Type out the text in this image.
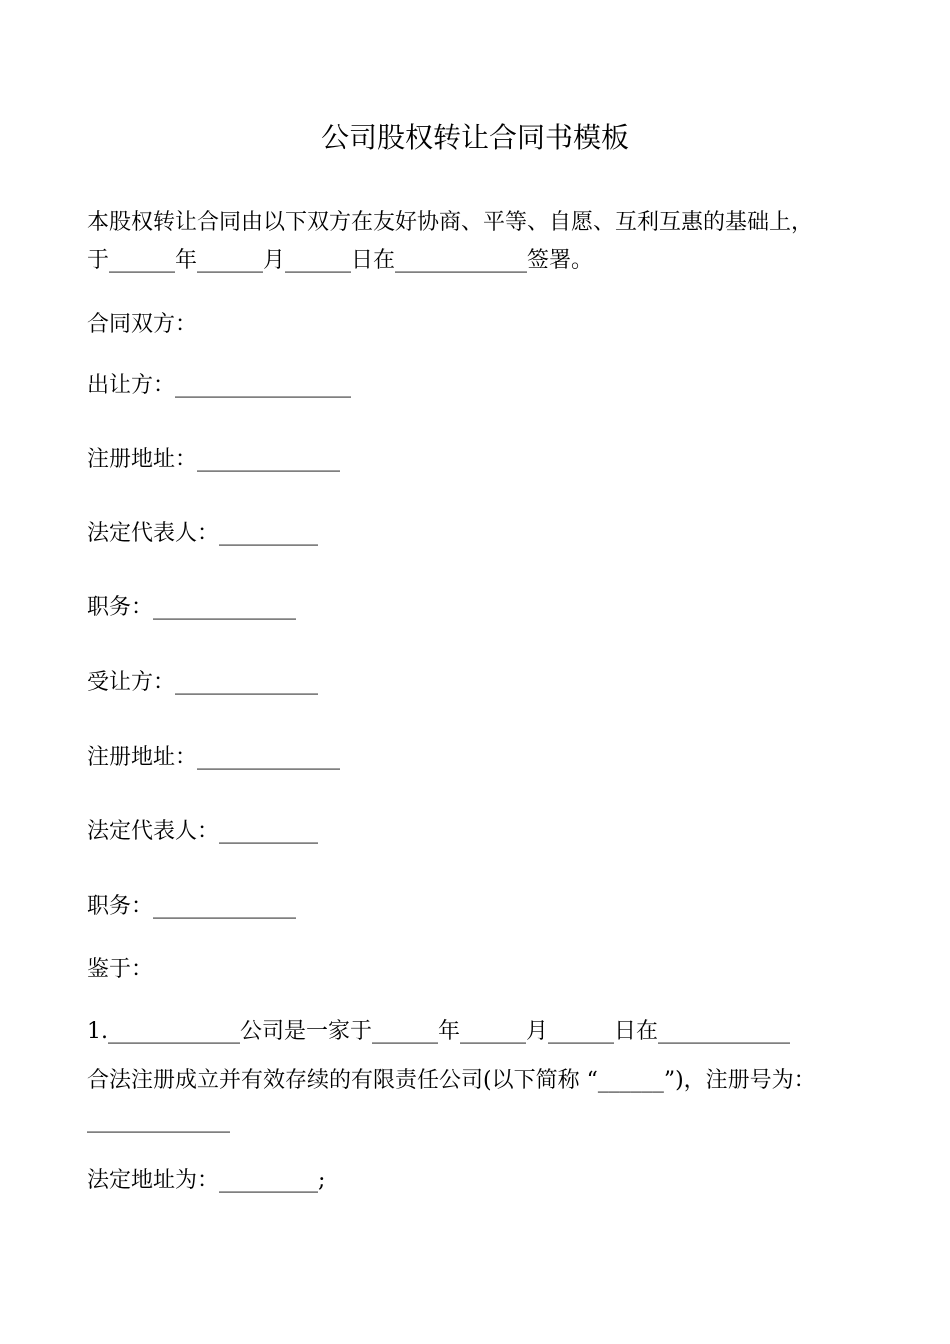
公司股权转让合同书模板

本股权转让合同由以下双方在友好协商、平等、自愿、互利互惠的基础上，

于______年______月______日在____________签署。

合同双方：

出让方：________________

注册地址：_____________

法定代表人：_________

职务：_____________

受让方：_____________

注册地址：_____________

法定代表人：_________

职务：_____________

鉴于：

1.____________公司是一家于______年______月______日在____________

合法注册成立并有效存续的有限责任公司(以下简称 “______”)，注册号为：

_____________

法定地址为：_________;
